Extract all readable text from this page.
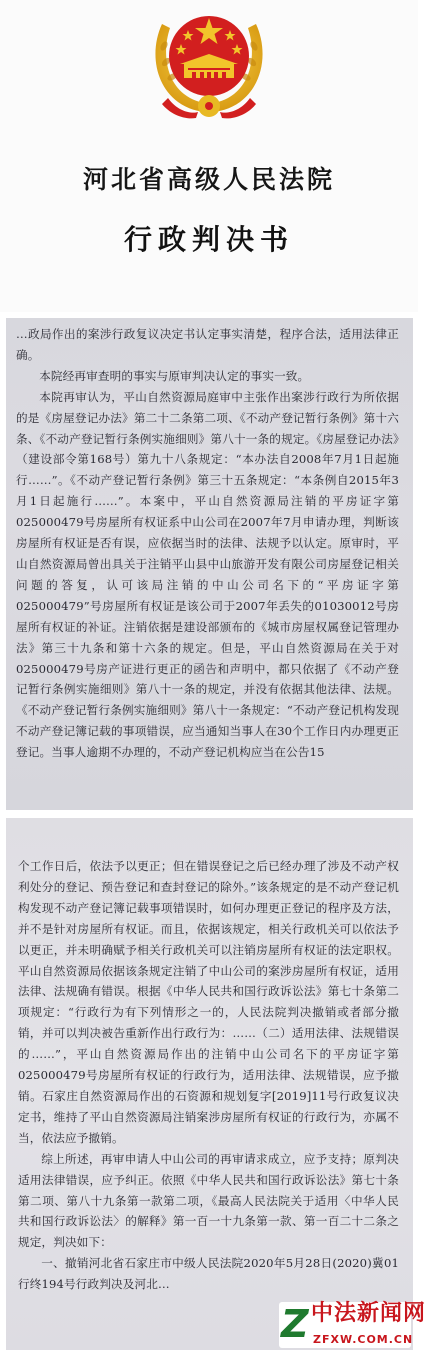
河北省高级人民法院
行政判决书

…政局作出的案涉行政复议决定书认定事实清楚，程序合法，适用法律正确。

本院经再审查明的事实与原审判决认定的事实一致。

本院再审认为，平山自然资源局庭审中主张作出案涉行政行为所依据的是《房屋登记办法》第二十二条第二项、《不动产登记暂行条例》第十六条、《不动产登记暂行条例实施细则》第八十一条的规定。《房屋登记办法》（建设部令第168号）第九十八条规定：“本办法自2008年7月1日起施行……”。《不动产登记暂行条例》第三十五条规定：“本条例自2015年3月1日起施行……”。本案中，平山自然资源局注销的平房证字第025000479号房屋所有权证系中山公司在2007年7月申请办理，判断该房屋所有权证是否有误，应依据当时的法律、法规予以认定。原审时，平山自然资源局曾出具关于注销平山县中山旅游开发有限公司房屋登记相关问题的答复，认可该局注销的中山公司名下的“平房证字第025000479”号房屋所有权证是该公司于2007年丢失的01030012号房屋所有权证的补证。注销依据是建设部颁布的《城市房屋权属登记管理办法》第三十九条和第十六条的规定。但是，平山自然资源局在关于对025000479号房产证进行更正的函告和声明中，都只依据了《不动产登记暂行条例实施细则》第八十一条的规定，并没有依据其他法律、法规。《不动产登记暂行条例实施细则》第八十一条规定：“不动产登记机构发现不动产登记簿记载的事项错误，应当通知当事人在30个工作日内办理更正登记。当事人逾期不办理的，不动产登记机构应当在公告15

个工作日后，依法予以更正；但在错误登记之后已经办理了涉及不动产权利处分的登记、预告登记和查封登记的除外。”该条规定的是不动产登记机构发现不动产登记簿记载事项错误时，如何办理更正登记的程序及方法，并不是针对房屋所有权证。而且，依据该规定，相关行政机关可以依法予以更正，并未明确赋予相关行政机关可以注销房屋所有权证的法定职权。平山自然资源局依据该条规定注销了中山公司的案涉房屋所有权证，适用法律、法规确有错误。根据《中华人民共和国行政诉讼法》第七十条第二项规定：“行政行为有下列情形之一的，人民法院判决撤销或者部分撤销，并可以判决被告重新作出行政行为：……（二）适用法律、法规错误的……”，平山自然资源局作出的注销中山公司名下的平房证字第025000479号房屋所有权证的行政行为，适用法律、法规错误，应予撤销。石家庄自然资源局作出的石资源和规划复字[2019]11号行政复议决定书，维持了平山自然资源局注销案涉房屋所有权证的行政行为，亦属不当，依法应予撤销。

综上所述，再审申请人中山公司的再审请求成立，应予支持；原判决适用法律错误，应予纠正。依照《中华人民共和国行政诉讼法》第七十条第二项、第八十九条第一款第二项，《最高人民法院关于适用〈中华人民共和国行政诉讼法〉的解释》第一百一十九条第一款、第一百二十二条之规定，判决如下：

一、撤销河北省石家庄市中级人民法院2020年5月28日(2020)冀01行终194号行政判决及河北…

Z 中法新闻网
ZFXW.COM.CN
